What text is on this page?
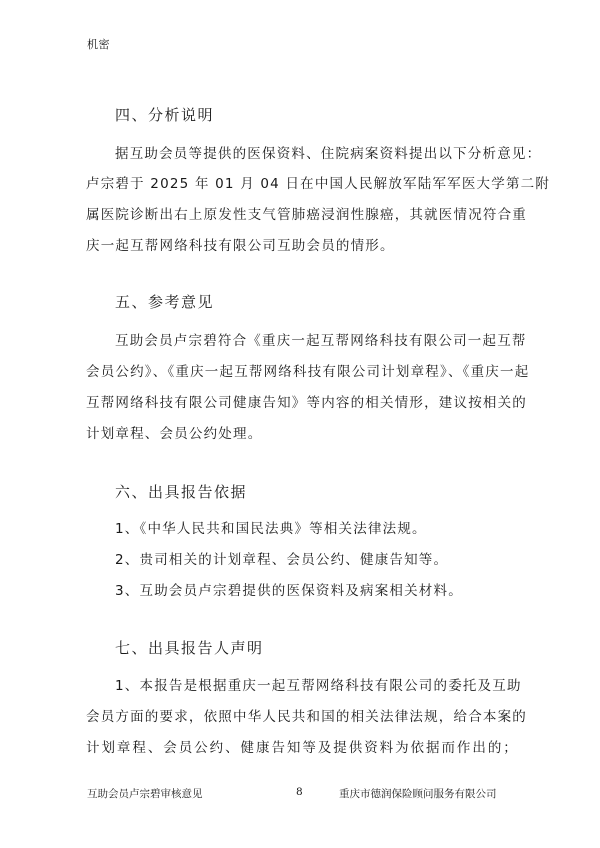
机密
四、分析说明
据互助会员等提供的医保资料、住院病案资料提出以下分析意见：
卢宗碧于 2025 年 01 月 04 日在中国人民解放军陆军军医大学第二附
属医院诊断出右上原发性支气管肺癌浸润性腺癌，其就医情况符合重
庆一起互帮网络科技有限公司互助会员的情形。
五、参考意见
互助会员卢宗碧符合《重庆一起互帮网络科技有限公司一起互帮
会员公约》、《重庆一起互帮网络科技有限公司计划章程》、《重庆一起
互帮网络科技有限公司健康告知》等内容的相关情形，建议按相关的
计划章程、会员公约处理。
六、出具报告依据
1、《中华人民共和国民法典》等相关法律法规。
2、贵司相关的计划章程、会员公约、健康告知等。
3、互助会员卢宗碧提供的医保资料及病案相关材料。
七、出具报告人声明
1、本报告是根据重庆一起互帮网络科技有限公司的委托及互助
会员方面的要求，依照中华人民共和国的相关法律法规，给合本案的
计划章程、会员公约、健康告知等及提供资料为依据而作出的；
互助会员卢宗碧审核意见	8	重庆市德润保险顾问服务有限公司
